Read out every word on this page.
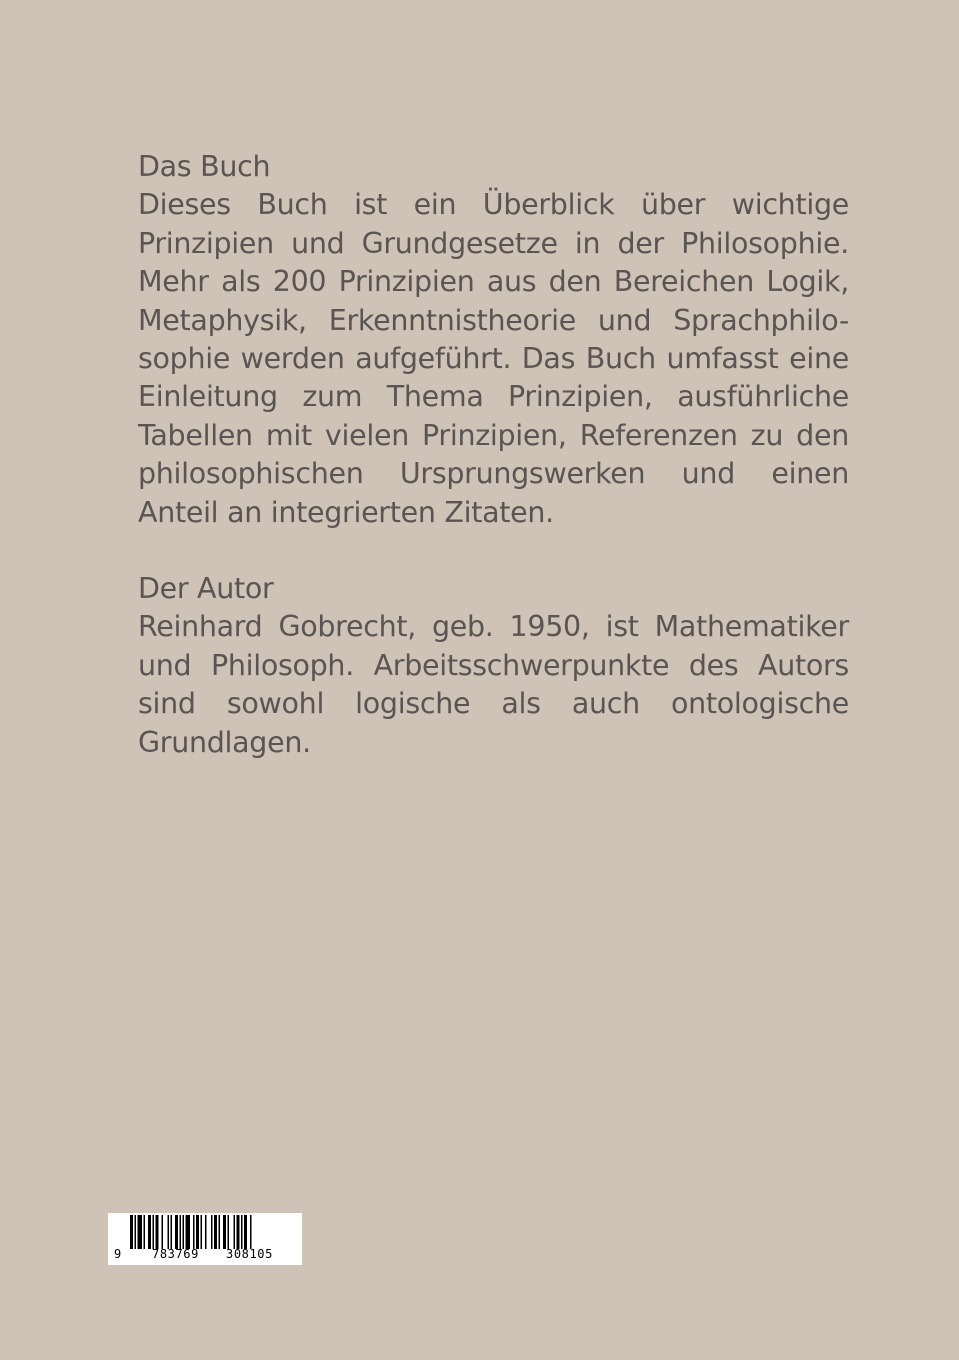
Das Buch
Dieses Buch ist ein Überblick über wichtige
Prinzipien und Grundgesetze in der Philosophie.
Mehr als 200 Prinzipien aus den Bereichen Logik,
Metaphysik, Erkenntnistheorie und Sprachphilo-
sophie werden aufgeführt. Das Buch umfasst eine
Einleitung zum Thema Prinzipien, ausführliche
Tabellen mit vielen Prinzipien, Referenzen zu den
philosophischen Ursprungswerken und einen
Anteil an integrierten Zitaten.
Der Autor
Reinhard Gobrecht, geb. 1950, ist Mathematiker
und Philosoph. Arbeitsschwerpunkte des Autors
sind sowohl logische als auch ontologische
Grundlagen.
9	783769 308105
